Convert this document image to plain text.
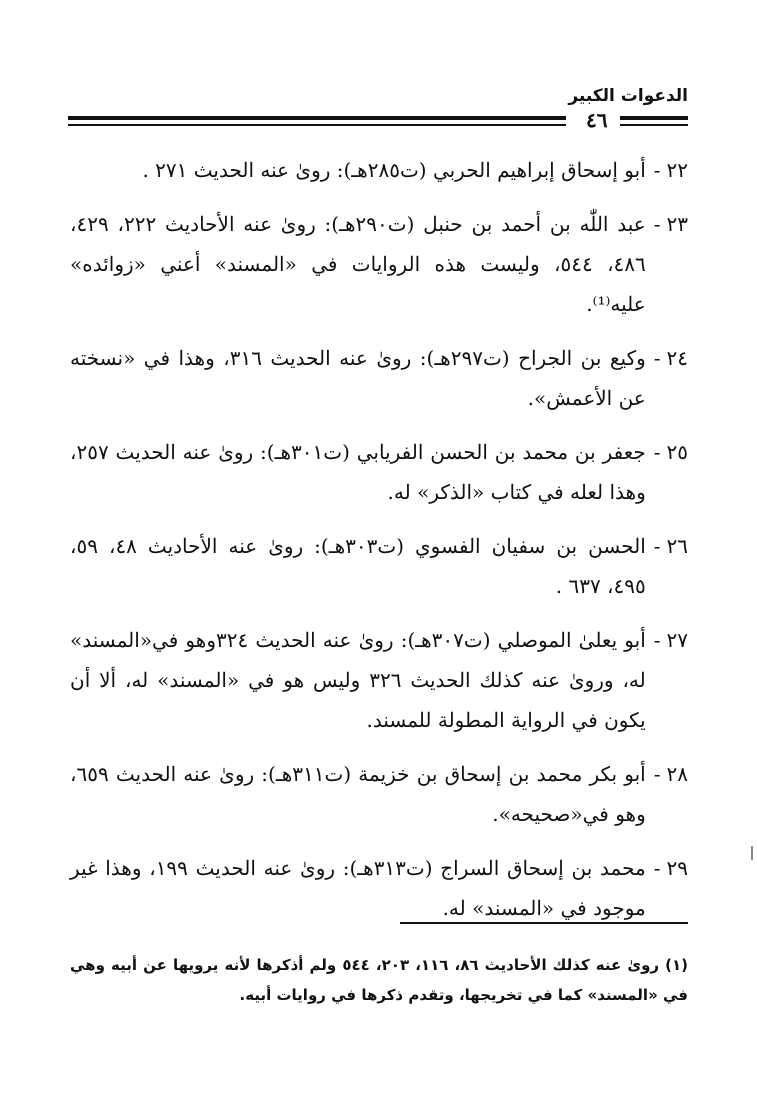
الدعوات الكبير
٤٦
٢٢
-
أبو إسحاق إبراهيم الحربي (ت٢٨٥هـ): رویٰ عنه الحديث ٢٧١ .
٢٣
-
عبد اللّٰه بن أحمد بن حنبل (ت٢٩٠هـ): رویٰ عنه الأحاديث ٢٢٢، ٤٢٩، ٤٨٦، ٥٤٤، وليست هذه الروايات في «المسند» أعني «زوائده» عليه⁽¹⁾.
٢٤
-
وكيع بن الجراح (ت٢٩٧هـ): رویٰ عنه الحديث ٣١٦، وهذا في «نسخته عن الأعمش».
٢٥
-
جعفر بن محمد بن الحسن الفريابي (ت٣٠١هـ): رویٰ عنه الحديث ٢٥٧، وهذا لعله في كتاب «الذكر» له.
٢٦
-
الحسن بن سفيان الفسوي (ت٣٠٣هـ): رویٰ عنه الأحاديث ٤٨، ٥٩، ٤٩٥، ٦٣٧ .
٢٧
-
أبو يعلىٰ الموصلي (ت٣٠٧هـ): رویٰ عنه الحديث ٣٢٤وهو في«المسند» له، ورویٰ عنه كذلك الحديث ٣٢٦ وليس هو في «المسند» له، ألا أن يكون في الرواية المطولة للمسند.
٢٨
-
أبو بكر محمد بن إسحاق بن خزيمة (ت٣١١هـ): رویٰ عنه الحديث ٦٥٩، وهو في«صحيحه».
٢٩
-
محمد بن إسحاق السراج (ت٣١٣هـ): رویٰ عنه الحديث ١٩٩، وهذا غير موجود في «المسند» له.
(١) رویٰ عنه كذلك الأحاديث ٨٦، ١١٦، ٢٠٣، ٥٤٤ ولم أذكرها لأنه يرويها عن أبيه وهي في «المسند» كما في تخريجها، وتقدم ذكرها في روايات أبيه.
